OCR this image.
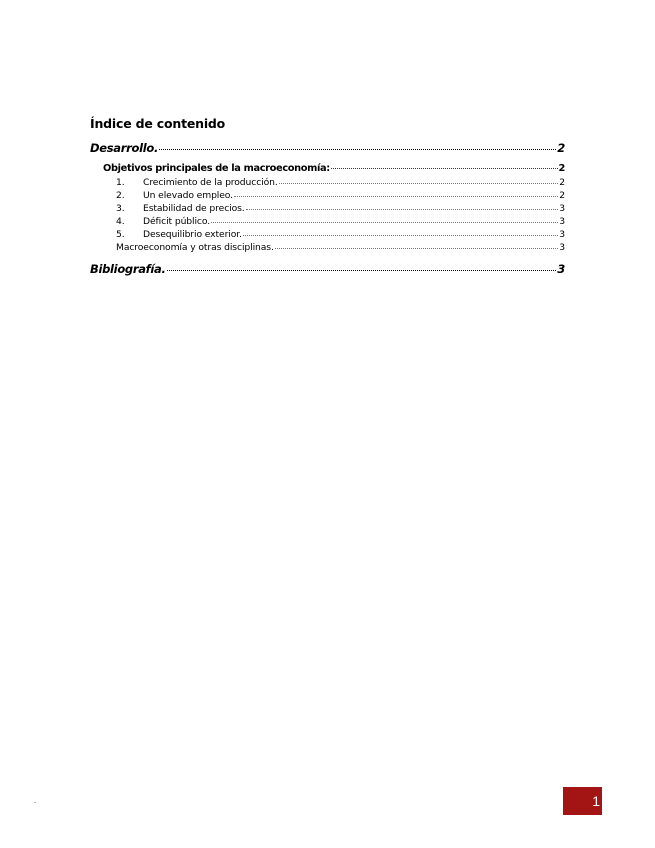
Índice de contenido
Desarrollo.	2
Objetivos principales de la macroeconomía:	2
1.	Crecimiento de la producción.	2
2.	Un elevado empleo.	2
3.	Estabilidad de precios.	3
4.	Déficit público.	3
5.	Desequilibrio exterior.	3
Macroeconomía y otras disciplinas.	3
Bibliografía.	3
1
